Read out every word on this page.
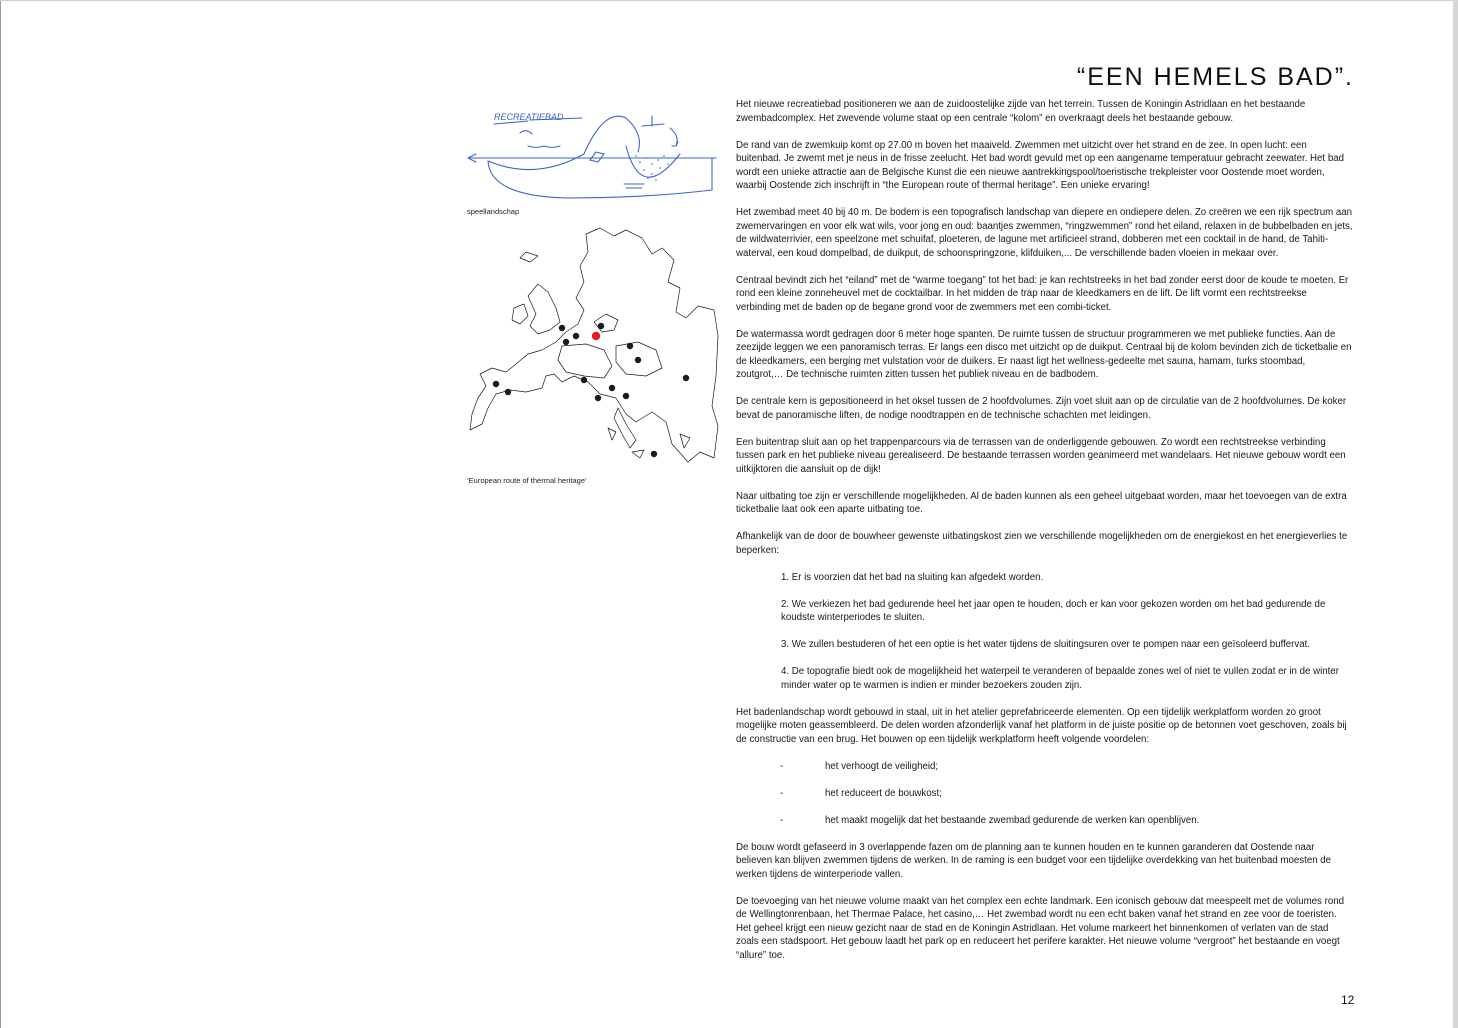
“EEN HEMELS BAD”.
RECREATIEBAD
speellandschap
‘European route of thermal heritage’

Het nieuwe recreatiebad positioneren we aan de zuidoostelijke zijde van het terrein. Tussen de Koningin Astridlaan en het bestaande zwembadcomplex. Het zwevende volume staat op een centrale “kolom” en overkraagt deels het bestaande gebouw.

De rand van de zwemkuip komt op 27.00 m boven het maaiveld. Zwemmen met uitzicht over het strand en de zee. In open lucht: een buitenbad. Je zwemt met je neus in de frisse zeelucht. Het bad wordt gevuld met op een aangename temperatuur gebracht zeewater. Het bad wordt een unieke attractie aan de Belgische Kunst die een nieuwe aantrekkingspool/toeristische trekpleister voor Oostende moet worden, waarbij Oostende zich inschrijft in “the European route of thermal heritage”. Een unieke ervaring!

Het zwembad meet 40 bij 40 m. De bodem is een topografisch landschap van diepere en ondiepere delen. Zo creëren we een rijk spectrum aan zwemervaringen en voor elk wat wils, voor jong en oud: baantjes zwemmen, “ringzwemmen” rond het eiland, relaxen in de bubbelbaden en jets, de wildwaterrivier, een speelzone met schuifaf, ploeteren, de lagune met artificieel strand, dobberen met een cocktail in de hand, de Tahiti-waterval, een koud dompelbad, de duikput, de schoonspringzone, klifduiken,... De verschillende baden vloeien in mekaar over.

Centraal bevindt zich het “eiland” met de “warme toegang” tot het bad: je kan rechtstreeks in het bad zonder eerst door de koude te moeten. Er rond een kleine zonneheuvel met de cocktailbar. In het midden de trap naar de kleedkamers en de lift. De lift vormt een rechtstreekse verbinding met de baden op de begane grond voor de zwemmers met een combi-ticket.

De watermassa wordt gedragen door 6 meter hoge spanten. De ruimte tussen de structuur programmeren we met publieke functies. Aan de zeezijde leggen we een panoramisch terras. Er langs een disco met uitzicht op de duikput. Centraal bij de kolom bevinden zich de ticketbalie en de kleedkamers, een berging met vulstation voor de duikers. Er naast ligt het wellness-gedeelte met sauna, hamam, turks stoombad, zoutgrot,… De technische ruimten zitten tussen het publiek niveau en de badbodem.

De centrale kern is gepositioneerd in het oksel tussen de 2 hoofdvolumes. Zijn voet sluit aan op de circulatie van de 2 hoofdvolumes. De koker bevat de panoramische liften, de nodige noodtrappen en de technische schachten met leidingen.

Een buitentrap sluit aan op het trappenparcours via de terrassen van de onderliggende gebouwen. Zo wordt een rechtstreekse verbinding tussen park en het publieke niveau gerealiseerd. De bestaande terrassen worden geanimeerd met wandelaars. Het nieuwe gebouw wordt een uitkijktoren die aansluit op de dijk!

Naar uitbating toe zijn er verschillende mogelijkheden. Al de baden kunnen als een geheel uitgebaat worden, maar het toevoegen van de extra ticketbalie laat ook een aparte uitbating toe.

Afhankelijk van de door de bouwheer gewenste uitbatingskost zien we verschillende mogelijkheden om de energiekost en het energieverlies te beperken:

1. Er is voorzien dat het bad na sluiting kan afgedekt worden.

2. We verkiezen het bad gedurende heel het jaar open te houden, doch er kan voor gekozen worden om het bad gedurende de koudste winterperiodes te sluiten.

3. We zullen bestuderen of het een optie is het water tijdens de sluitingsuren over te pompen naar een geïsoleerd buffervat.

4. De topografie biedt ook de mogelijkheid het waterpeil te veranderen of bepaalde zones wel of niet te vullen zodat er in de winter minder water op te warmen is indien er minder bezoekers zouden zijn.

Het badenlandschap wordt gebouwd in staal, uit in het atelier geprefabriceerde elementen. Op een tijdelijk werkplatform worden zo groot mogelijke moten geassembleerd. De delen worden afzonderlijk vanaf het platform in de juiste positie op de betonnen voet geschoven, zoals bij de constructie van een brug. Het bouwen op een tijdelijk werkplatform heeft volgende voordelen:

-	het verhoogt de veiligheid;

-	het reduceert de bouwkost;

-	het maakt mogelijk dat het bestaande zwembad gedurende de werken kan openblijven.

De bouw wordt gefaseerd in 3 overlappende fazen om de planning aan te kunnen houden en te kunnen garanderen dat Oostende naar believen kan blijven zwemmen tijdens de werken. In de raming is een budget voor een tijdelijke overdekking van het buitenbad moesten de werken tijdens de winterperiode vallen.

De toevoeging van het nieuwe volume maakt van het complex een echte landmark. Een iconisch gebouw dat meespeelt met de volumes rond de Wellingtonrenbaan, het Thermae Palace, het casino,… Het zwembad wordt nu een echt baken vanaf het strand en zee voor de toeristen. Het geheel krijgt een nieuw gezicht naar de stad en de Koningin Astridlaan. Het volume markeert het binnenkomen of verlaten van de stad zoals een stadspoort. Het gebouw laadt het park op en reduceert het perifere karakter. Het nieuwe volume “vergroot” het bestaande en voegt “allure” toe.

12
